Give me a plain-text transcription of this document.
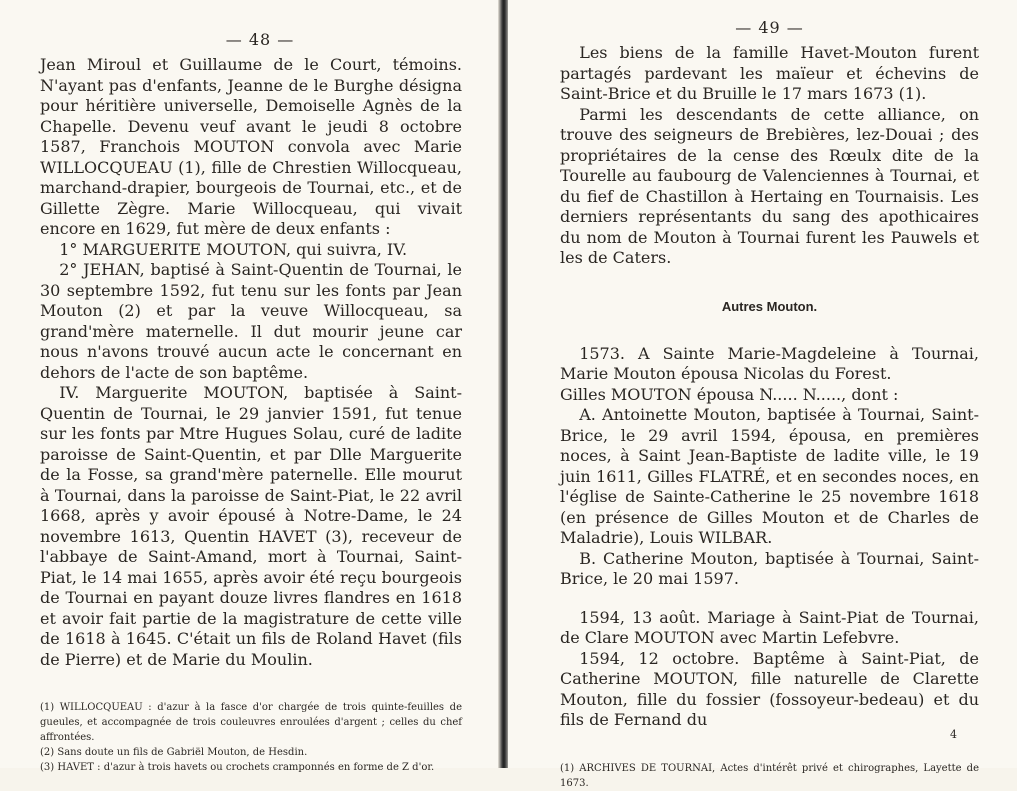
— 48 —

Jean Miroul et Guillaume de le Court, témoins. N'ayant pas d'enfants, Jeanne de le Burghe désigna pour héritière universelle, Demoiselle Agnès de la Chapelle. Devenu veuf avant le jeudi 8 octobre 1587, Franchois MOUTON convola avec Marie WILLOCQUEAU (1), fille de Chrestien Willocqueau, marchand-drapier, bourgeois de Tournai, etc., et de Gillette Zègre. Marie Willocqueau, qui vivait encore en 1629, fut mère de deux enfants :

1° MARGUERITE MOUTON, qui suivra, IV.

2° JEHAN, baptisé à Saint-Quentin de Tournai, le 30 septembre 1592, fut tenu sur les fonts par Jean Mouton (2) et par la veuve Willocqueau, sa grand'mère maternelle. Il dut mourir jeune car nous n'avons trouvé aucun acte le concernant en dehors de l'acte de son baptême.

IV. Marguerite MOUTON, baptisée à Saint-Quentin de Tournai, le 29 janvier 1591, fut tenue sur les fonts par Mtre Hugues Solau, curé de ladite paroisse de Saint-Quentin, et par Dlle Marguerite de la Fosse, sa grand'mère paternelle. Elle mourut à Tournai, dans la paroisse de Saint-Piat, le 22 avril 1668, après y avoir épousé à Notre-Dame, le 24 novembre 1613, Quentin HAVET (3), receveur de l'abbaye de Saint-Amand, mort à Tournai, Saint-Piat, le 14 mai 1655, après avoir été reçu bourgeois de Tournai en payant douze livres flandres en 1618 et avoir fait partie de la magistrature de cette ville de 1618 à 1645. C'était un fils de Roland Havet (fils de Pierre) et de Marie du Moulin.

(1) WILLOCQUEAU : d'azur à la fasce d'or chargée de trois quinte-feuilles de gueules, et accompagnée de trois couleuvres enroulées d'argent ; celles du chef affrontées.

(2) Sans doute un fils de Gabriël Mouton, de Hesdin.

(3) HAVET : d'azur à trois havets ou crochets cramponnés en forme de Z d'or.

— 49 —

Les biens de la famille Havet-Mouton furent partagés pardevant les maïeur et échevins de Saint-Brice et du Bruille le 17 mars 1673 (1).

Parmi les descendants de cette alliance, on trouve des seigneurs de Brebières, lez-Douai ; des propriétaires de la cense des Rœulx dite de la Tourelle au faubourg de Valenciennes à Tournai, et du fief de Chastillon à Hertaing en Tournaisis. Les derniers représentants du sang des apothicaires du nom de Mouton à Tournai furent les Pauwels et les de Caters.

Autres Mouton.

1573. A Sainte Marie-Magdeleine à Tournai, Marie Mouton épousa Nicolas du Forest.

Gilles MOUTON épousa N..... N....., dont :

A. Antoinette Mouton, baptisée à Tournai, Saint-Brice, le 29 avril 1594, épousa, en premières noces, à Saint Jean-Baptiste de ladite ville, le 19 juin 1611, Gilles FLATRÉ, et en secondes noces, en l'église de Sainte-Catherine le 25 novembre 1618 (en présence de Gilles Mouton et de Charles de Maladrie), Louis WILBAR.

B. Catherine Mouton, baptisée à Tournai, Saint-Brice, le 20 mai 1597.

1594, 13 août. Mariage à Saint-Piat de Tournai, de Clare MOUTON avec Martin Lefebvre.

1594, 12 octobre. Baptême à Saint-Piat, de Catherine MOUTON, fille naturelle de Clarette Mouton, fille du fossier (fossoyeur-bedeau) et du fils de Fernand du

(1) ARCHIVES DE TOURNAI, Actes d'intérêt privé et chirographes, Layette de 1673.

4
